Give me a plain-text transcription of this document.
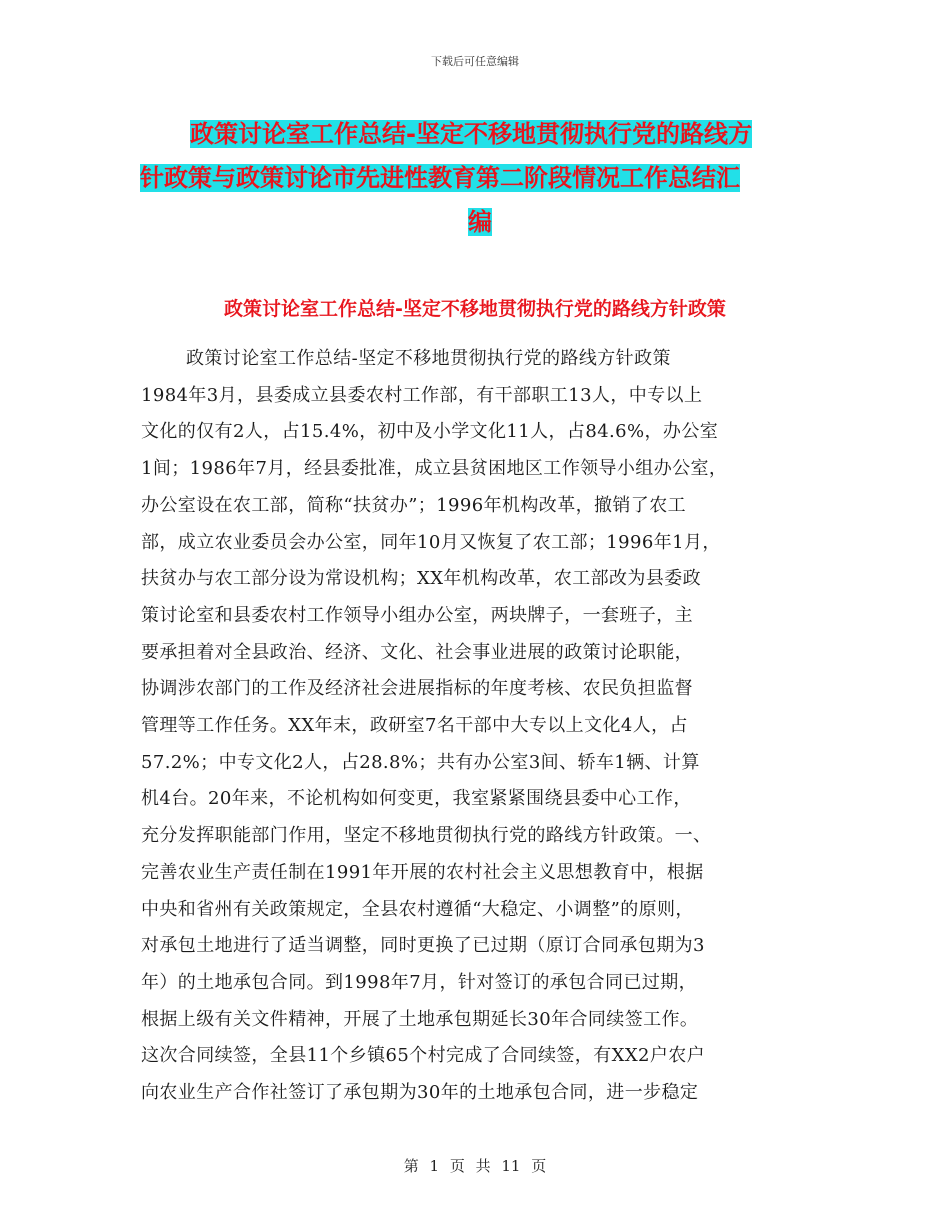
下载后可任意编辑
政策讨论室工作总结-坚定不移地贯彻执行党的路线方
针政策与政策讨论市先进性教育第二阶段情况工作总结汇
编
政策讨论室工作总结-坚定不移地贯彻执行党的路线方针政策
政策讨论室工作总结-坚定不移地贯彻执行党的路线方针政策
1984年3月，县委成立县委农村工作部，有干部职工13人，中专以上
文化的仅有2人，占15.4%，初中及小学文化11人，占84.6%，办公室
1间；1986年7月，经县委批准，成立县贫困地区工作领导小组办公室，
办公室设在农工部，简称“扶贫办”；1996年机构改革，撤销了农工
部，成立农业委员会办公室，同年10月又恢复了农工部；1996年1月，
扶贫办与农工部分设为常设机构；XX年机构改革，农工部改为县委政
策讨论室和县委农村工作领导小组办公室，两块牌子，一套班子，主
要承担着对全县政治、经济、文化、社会事业进展的政策讨论职能，
协调涉农部门的工作及经济社会进展指标的年度考核、农民负担监督
管理等工作任务。XX年末，政研室7名干部中大专以上文化4人，占
57.2%；中专文化2人，占28.8%；共有办公室3间、轿车1辆、计算
机4台。20年来，不论机构如何变更，我室紧紧围绕县委中心工作，
充分发挥职能部门作用，坚定不移地贯彻执行党的路线方针政策。一、
完善农业生产责任制在1991年开展的农村社会主义思想教育中，根据
中央和省州有关政策规定，全县农村遵循“大稳定、小调整”的原则，
对承包土地进行了适当调整，同时更换了已过期（原订合同承包期为3
年）的土地承包合同。到1998年7月，针对签订的承包合同已过期，
根据上级有关文件精神，开展了土地承包期延长30年合同续签工作。
这次合同续签，全县11个乡镇65个村完成了合同续签，有XX2户农户
向农业生产合作社签订了承包期为30年的土地承包合同，进一步稳定
第 1 页 共 11 页
